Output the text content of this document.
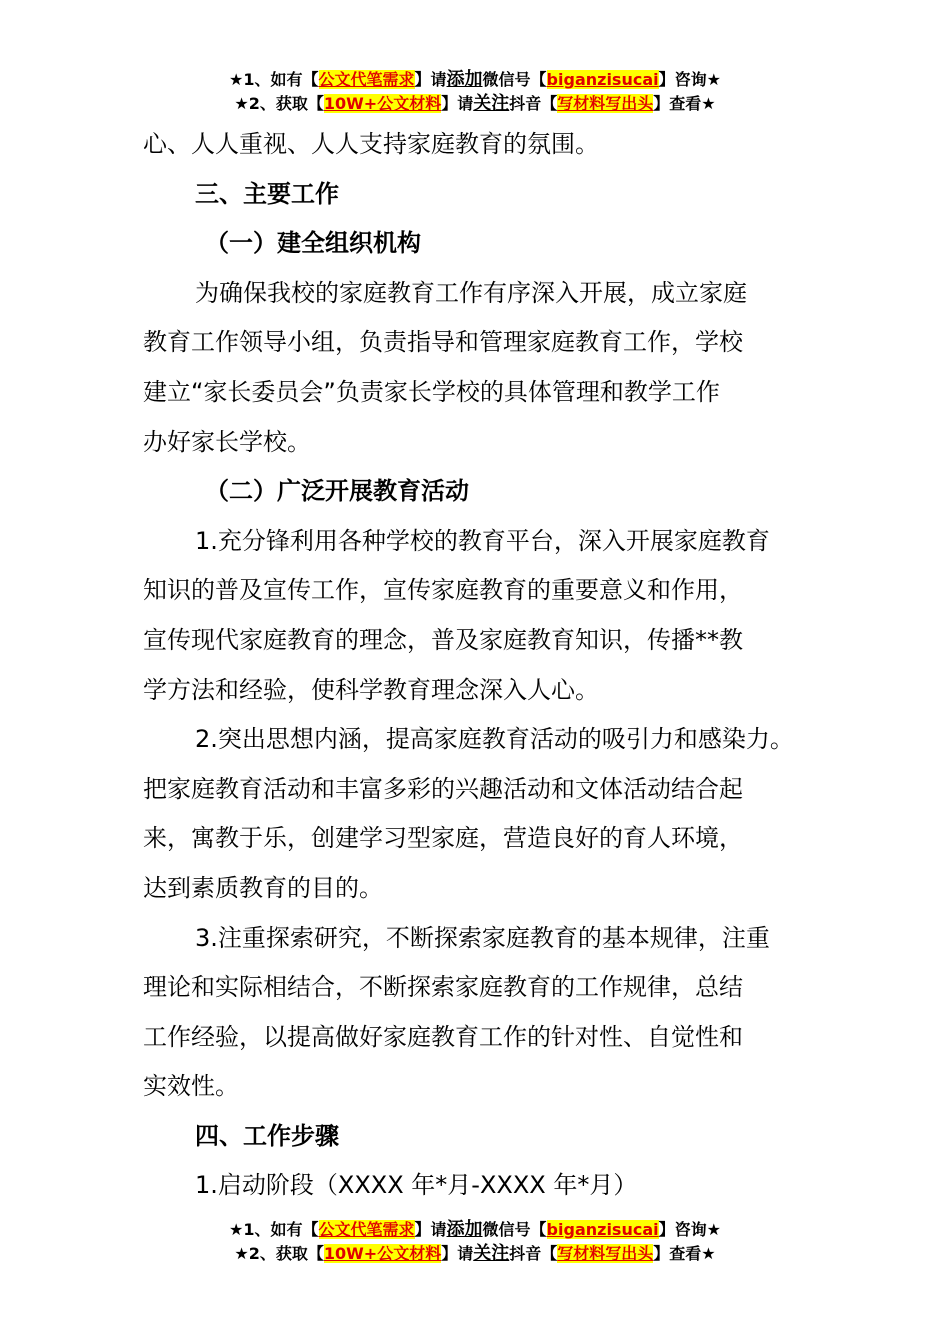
★1、如有【公文代笔需求】请添加微信号【biganzisucai】咨询★
★2、获取【10W+公文材料】请关注抖音【写材料写出头】查看★

心、人人重视、人人支持家庭教育的氛围。

三、主要工作

（一）建全组织机构

为确保我校的家庭教育工作有序深入开展，成立家庭

教育工作领导小组，负责指导和管理家庭教育工作，学校

建立“家长委员会”负责家长学校的具体管理和教学工作

办好家长学校。

（二）广泛开展教育活动

1.充分锋利用各种学校的教育平台，深入开展家庭教育

知识的普及宣传工作，宣传家庭教育的重要意义和作用，

宣传现代家庭教育的理念，普及家庭教育知识，传播**教

学方法和经验，使科学教育理念深入人心。

2.突出思想内涵，提高家庭教育活动的吸引力和感染力。

把家庭教育活动和丰富多彩的兴趣活动和文体活动结合起

来，寓教于乐，创建学习型家庭，营造良好的育人环境，

达到素质教育的目的。

3.注重探索研究，不断探索家庭教育的基本规律，注重

理论和实际相结合，不断探索家庭教育的工作规律，总结

工作经验，以提高做好家庭教育工作的针对性、自觉性和

实效性。

四、工作步骤

1.启动阶段（XXXX 年*月-XXXX 年*月）

★1、如有【公文代笔需求】请添加微信号【biganzisucai】咨询★
★2、获取【10W+公文材料】请关注抖音【写材料写出头】查看★
